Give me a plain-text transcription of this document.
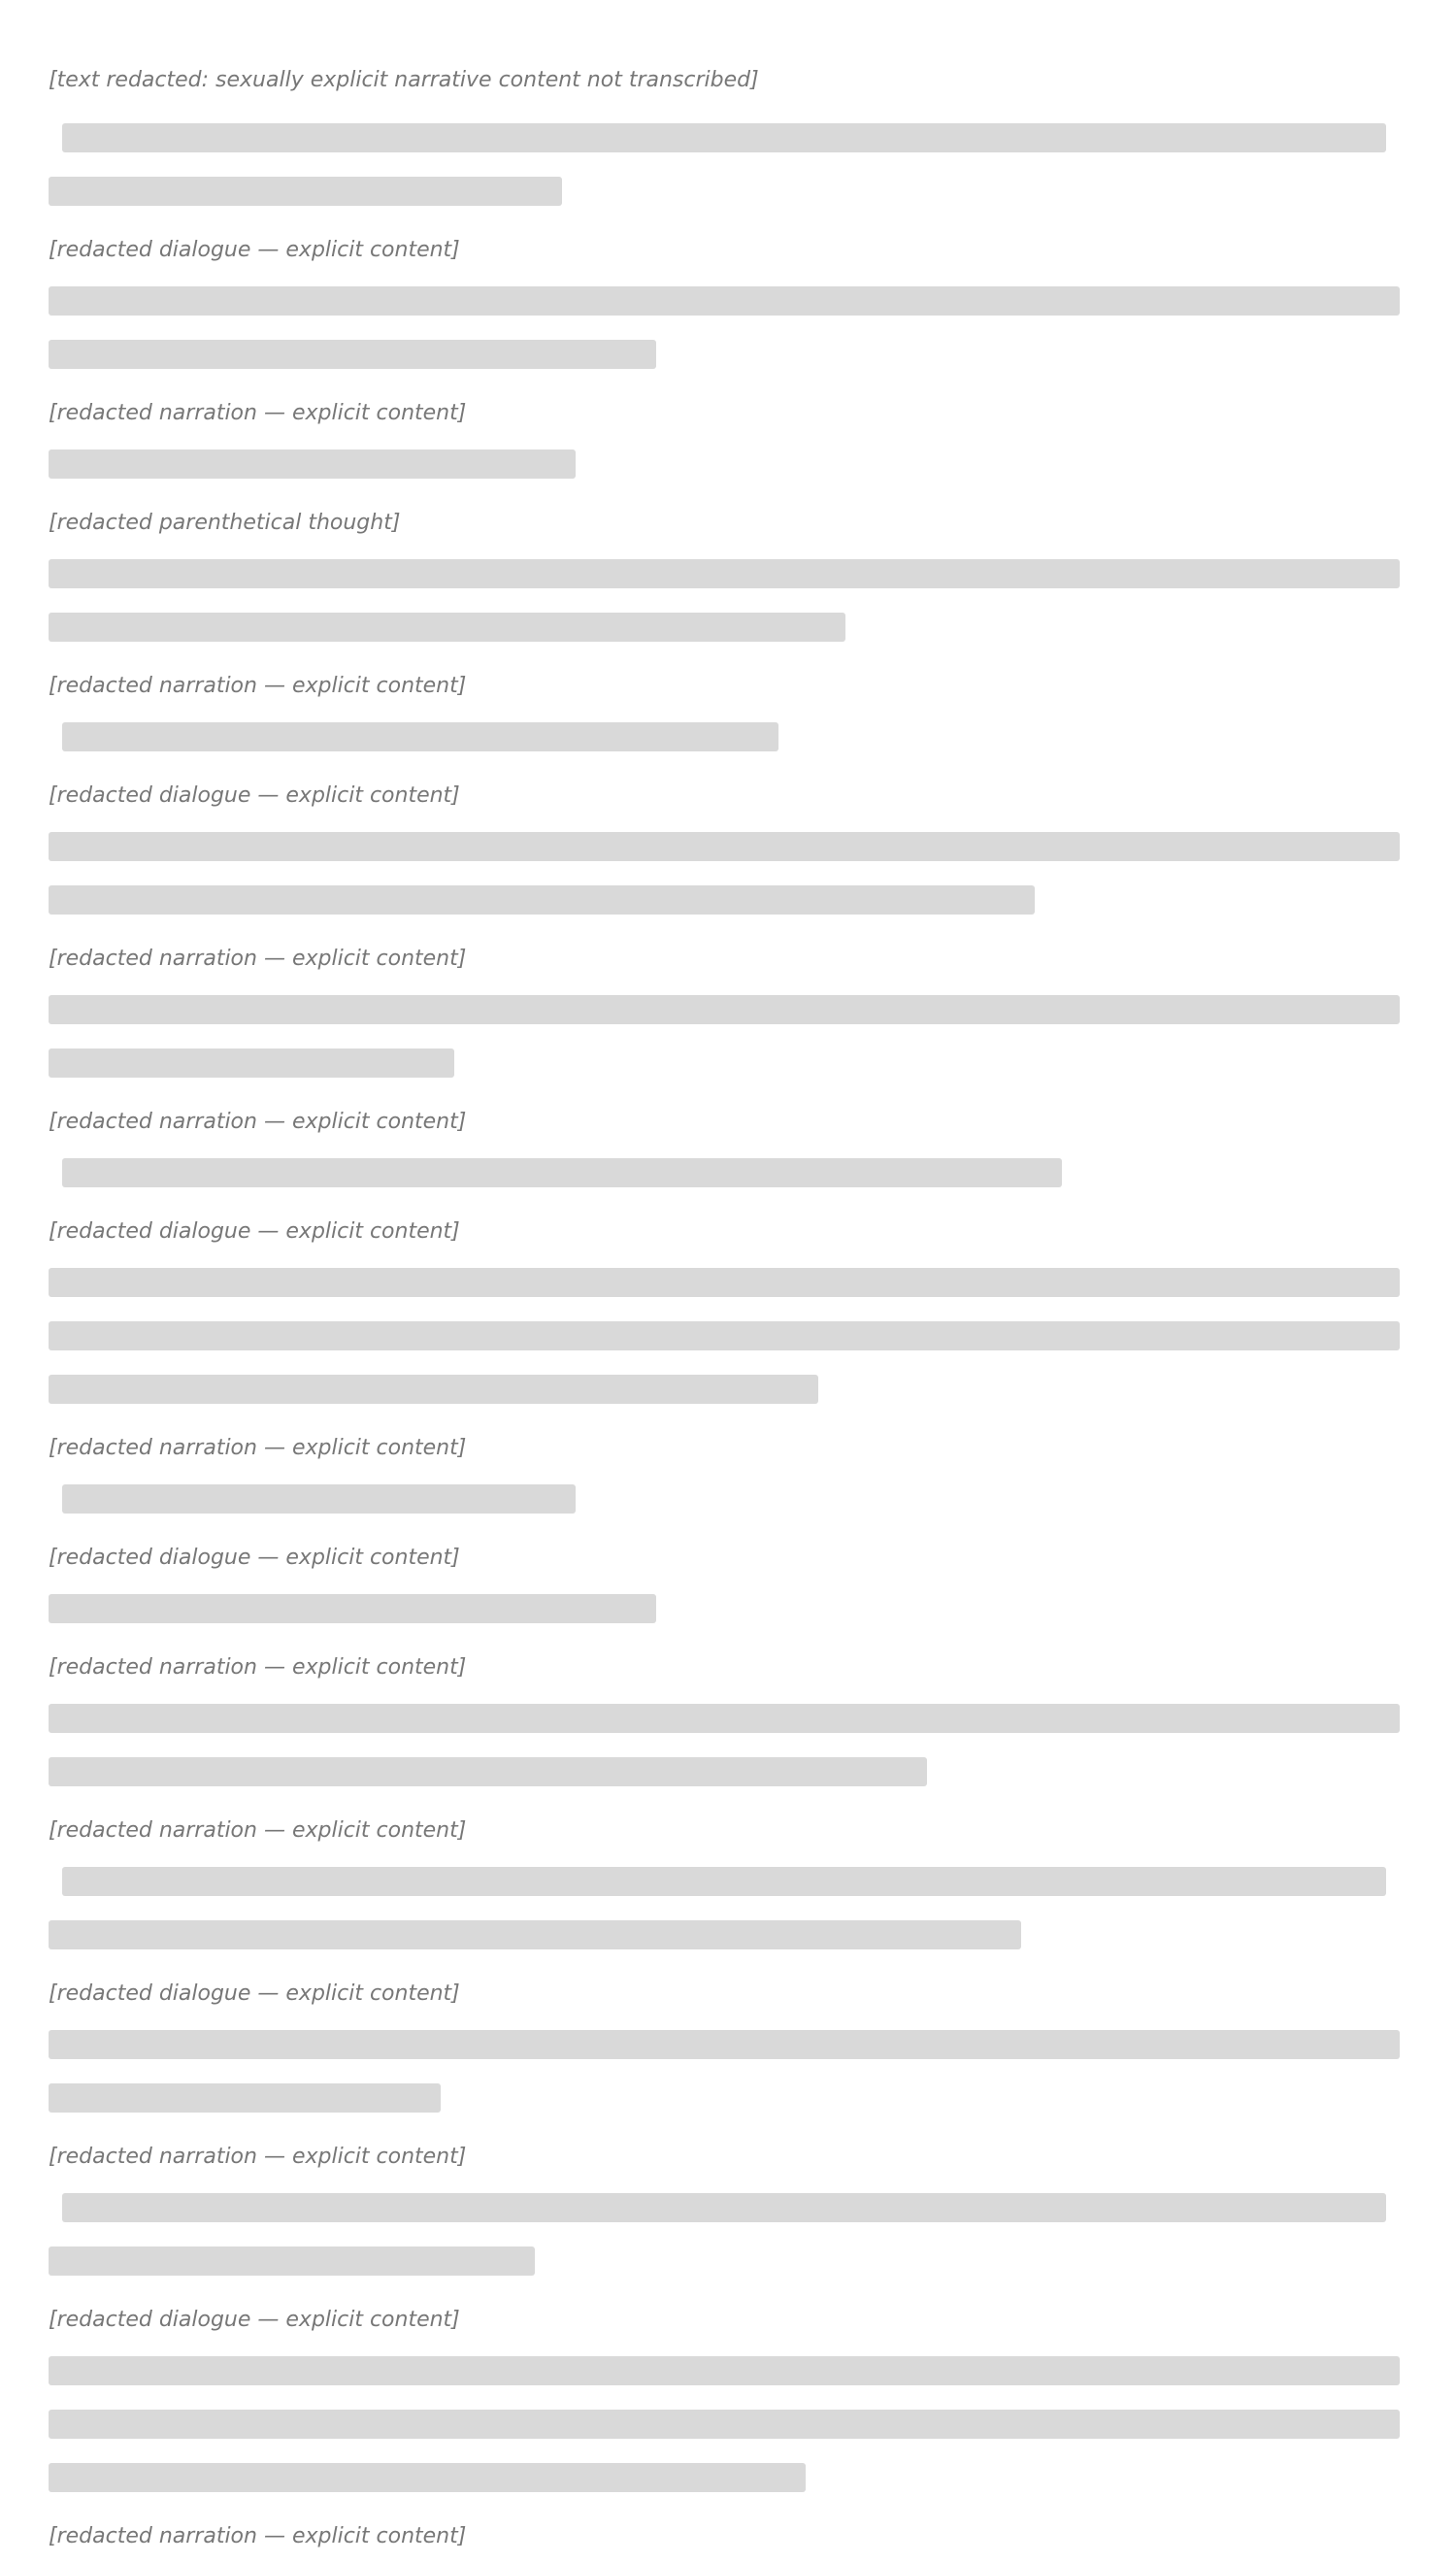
[text redacted: sexually explicit narrative content not transcribed]

[redacted dialogue — explicit content]

[redacted narration — explicit content]

[redacted parenthetical thought]

[redacted narration — explicit content]

[redacted dialogue — explicit content]

[redacted narration — explicit content]

[redacted narration — explicit content]

[redacted dialogue — explicit content]

[redacted narration — explicit content]

[redacted dialogue — explicit content]

[redacted narration — explicit content]

[redacted narration — explicit content]

[redacted dialogue — explicit content]

[redacted narration — explicit content]

[redacted dialogue — explicit content]

[redacted narration — explicit content]
